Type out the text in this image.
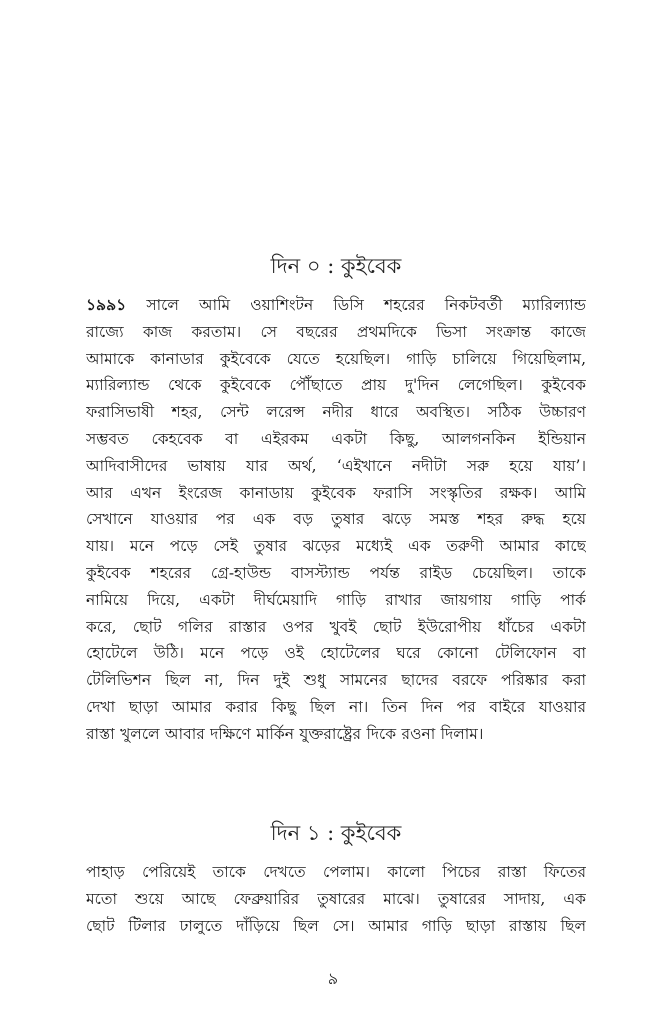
দিন ০ : কুইবেক

১৯৯১ সালে আমি ওয়াশিংটন ডিসি শহরের নিকটবর্তী ম্যারিল্যান্ড
রাজ্যে কাজ করতাম। সে বছরের প্রথমদিকে ভিসা সংক্রান্ত কাজে
আমাকে কানাডার কুইবেকে যেতে হয়েছিল। গাড়ি চালিয়ে গিয়েছিলাম,
ম্যারিল্যান্ড থেকে কুইবেকে পৌঁছাতে প্রায় দু'দিন লেগেছিল। কুইবেক
ফরাসিভাষী শহর, সেন্ট লরেন্স নদীর ধারে অবস্থিত। সঠিক উচ্চারণ
সম্ভবত কেহবেক বা এইরকম একটা কিছু, আলগনকিন ইন্ডিয়ান
আদিবাসীদের ভাষায় যার অর্থ, ‘এইখানে নদীটা সরু হয়ে যায়’।
আর এখন ইংরেজ কানাডায় কুইবেক ফরাসি সংস্কৃতির রক্ষক। আমি
সেখানে যাওয়ার পর এক বড় তুষার ঝড়ে সমস্ত শহর রুদ্ধ হয়ে
যায়। মনে পড়ে সেই তুষার ঝড়ের মধ্যেই এক তরুণী আমার কাছে
কুইবেক শহরের গ্রে-হাউন্ড বাসস্ট্যান্ড পর্যন্ত রাইড চেয়েছিল। তাকে
নামিয়ে দিয়ে, একটা দীর্ঘমেয়াদি গাড়ি রাখার জায়গায় গাড়ি পার্ক
করে, ছোট গলির রাস্তার ওপর খুবই ছোট ইউরোপীয় ধাঁচের একটা
হোটেলে উঠি। মনে পড়ে ওই হোটেলের ঘরে কোনো টেলিফোন বা
টেলিভিশন ছিল না, দিন দুই শুধু সামনের ছাদের বরফে পরিষ্কার করা
দেখা ছাড়া আমার করার কিছু ছিল না। তিন দিন পর বাইরে যাওয়ার
রাস্তা খুললে আবার দক্ষিণে মার্কিন যুক্তরাষ্ট্রের দিকে রওনা দিলাম।

দিন ১ : কুইবেক

পাহাড় পেরিয়েই তাকে দেখতে পেলাম। কালো পিচের রাস্তা ফিতের
মতো শুয়ে আছে ফেব্রুয়ারির তুষারের মাঝে। তুষারের সাদায়, এক
ছোট টিলার ঢালুতে দাঁড়িয়ে ছিল সে। আমার গাড়ি ছাড়া রাস্তায় ছিল

৯
